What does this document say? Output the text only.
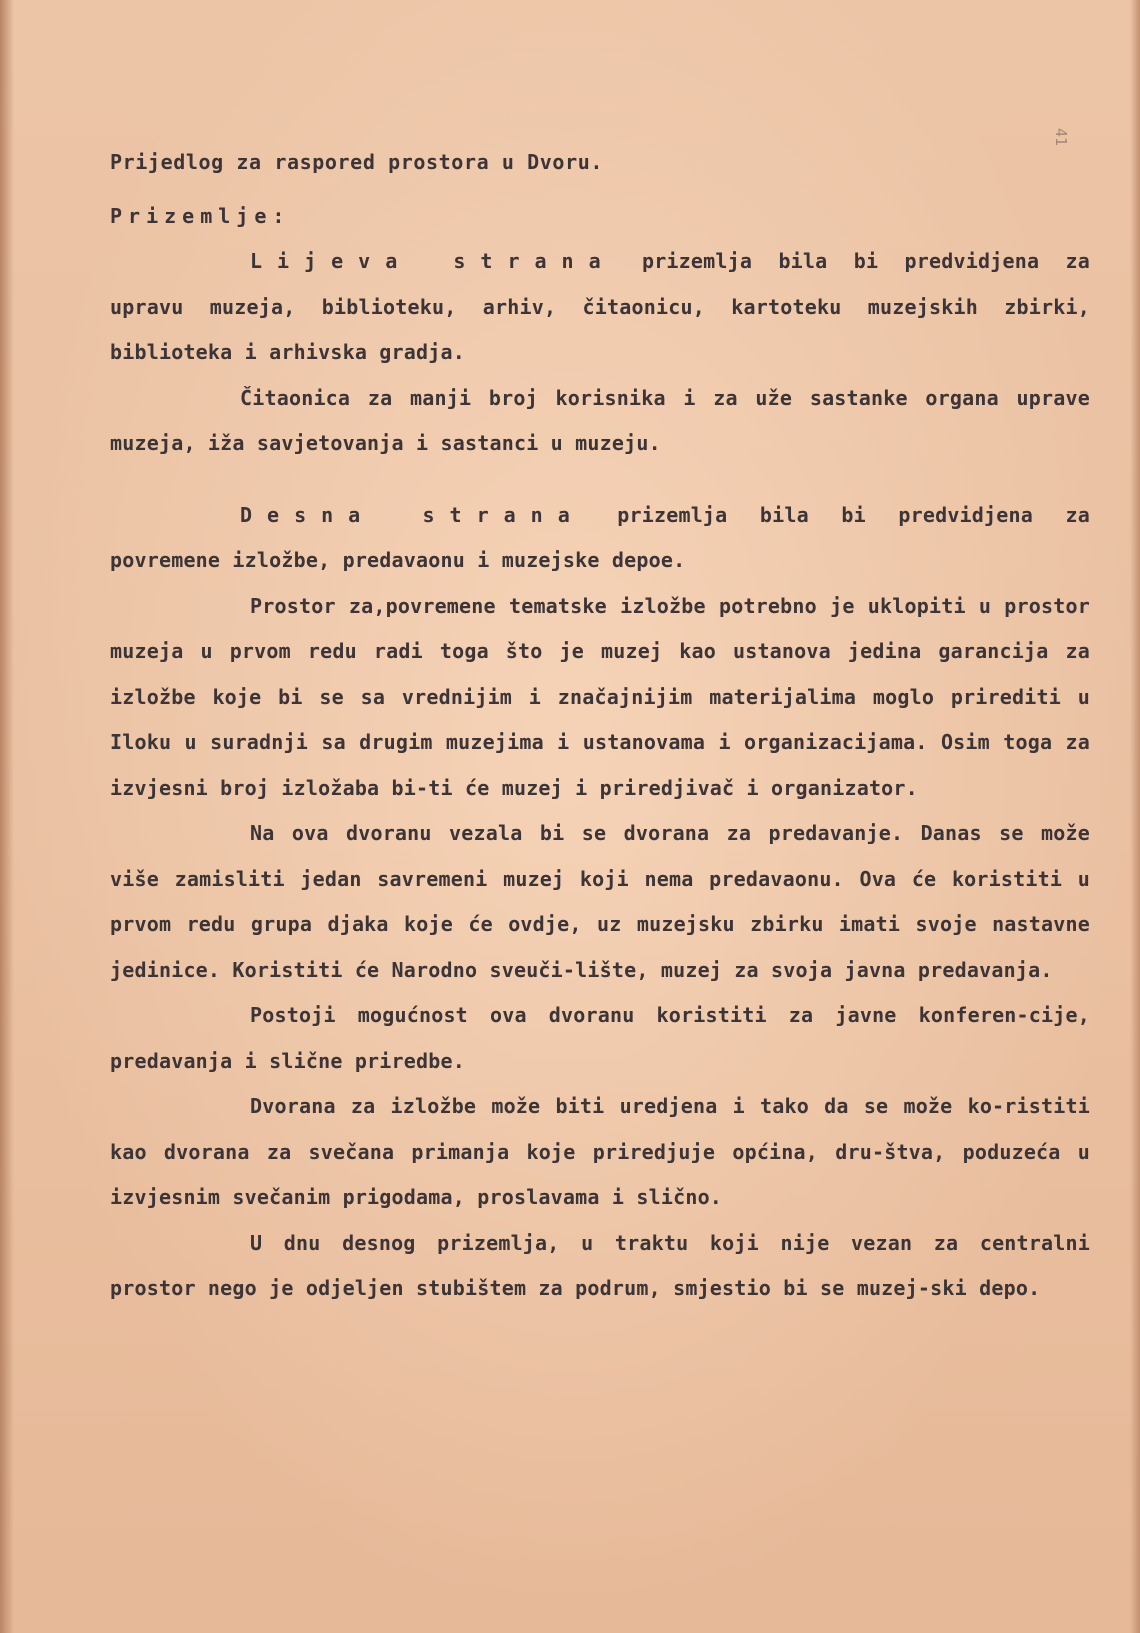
41

Prijedlog za raspored prostora u Dvoru.

Prizemlje:

Lijeva strana prizemlja bila bi predvidjena za upravu muzeja, biblioteku, arhiv, čitaonicu, kartoteku muzejskih zbirki, biblioteka i arhivska gradja.

Čitaonica za manji broj korisnika i za uže sastanke organa uprave muzeja, iža savjetovanja i sastanci u muzeju.

Desna strana prizemlja bila bi predvidjena za povremene izložbe, predavaonu i muzejske depoe.

Prostor za,povremene tematske izložbe potrebno je uklopiti u prostor muzeja u prvom redu radi toga što je muzej kao ustanova jedina garancija za izložbe koje bi se sa vrednijim i značajnijim materijalima moglo prirediti u Iloku u suradnji sa drugim muzejima i ustanovama i organizacijama. Osim toga za izvjesni broj izložaba bi-ti će muzej i priredjivač i organizator.

Na ova dvoranu vezala bi se dvorana za predavanje. Danas se može više zamisliti jedan savremeni muzej koji nema predavaonu. Ova će koristiti u prvom redu grupa djaka koje će ovdje, uz muzejsku zbirku imati svoje nastavne jedinice. Koristiti će Narodno sveuči-lište, muzej za svoja javna predavanja.

Postoji mogućnost ova dvoranu koristiti za javne konferen-cije, predavanja i slične priredbe.

Dvorana za izložbe može biti uredjena i tako da se može ko-ristiti kao dvorana za svečana primanja koje priredjuje općina, dru-štva, poduzeća u izvjesnim svečanim prigodama, proslavama i slično.

U dnu desnog prizemlja, u traktu koji nije vezan za centralni prostor nego je odjeljen stubištem za podrum, smjestio bi se muzej-ski depo.
